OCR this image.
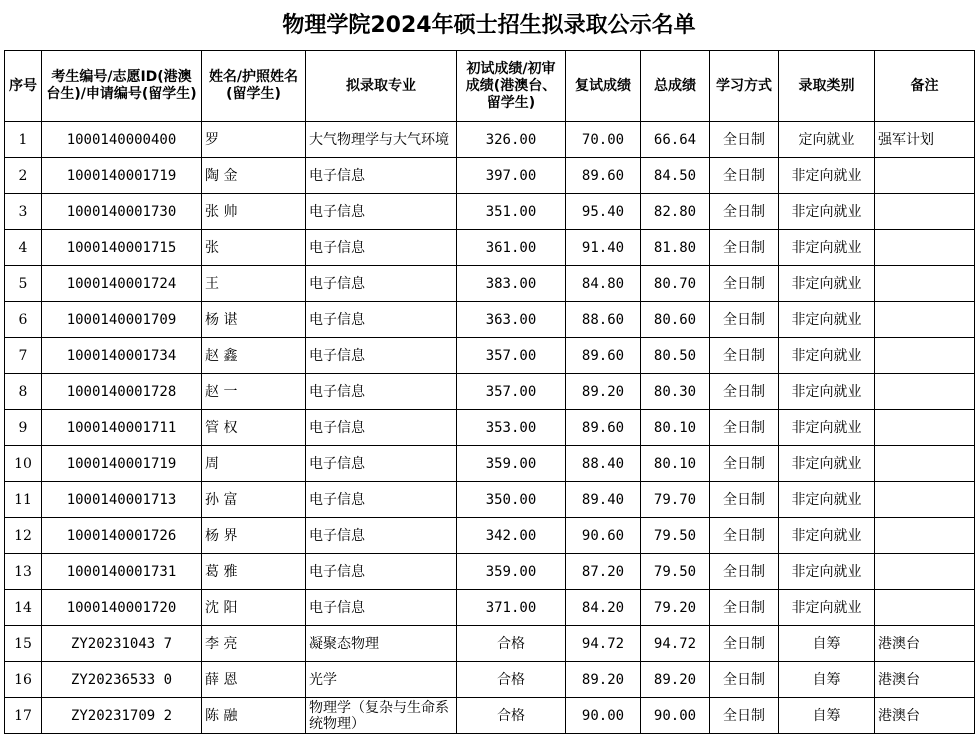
物理学院2024年硕士招生拟录取公示名单
序号	考生编号/志愿ID(港澳台生)/申请编号(留学生)	姓名/护照姓名(留学生)	拟录取专业	初试成绩/初审成绩(港澳台、留学生)	复试成绩	总成绩	学习方式	录取类别	备注
1	1000140000400	罗	大气物理学与大气环境	326.00	70.00	66.64	全日制	定向就业	强军计划
2	1000140001719	陶 金	电子信息	397.00	89.60	84.50	全日制	非定向就业	
3	1000140001730	张 帅	电子信息	351.00	95.40	82.80	全日制	非定向就业	
4	1000140001715	张	电子信息	361.00	91.40	81.80	全日制	非定向就业	
5	1000140001724	王	电子信息	383.00	84.80	80.70	全日制	非定向就业	
6	1000140001709	杨 谌	电子信息	363.00	88.60	80.60	全日制	非定向就业	
7	1000140001734	赵 鑫	电子信息	357.00	89.60	80.50	全日制	非定向就业	
8	1000140001728	赵 一	电子信息	357.00	89.20	80.30	全日制	非定向就业	
9	1000140001711	管 权	电子信息	353.00	89.60	80.10	全日制	非定向就业	
10	1000140001719	周	电子信息	359.00	88.40	80.10	全日制	非定向就业	
11	1000140001713	孙 富	电子信息	350.00	89.40	79.70	全日制	非定向就业	
12	1000140001726	杨 界	电子信息	342.00	90.60	79.50	全日制	非定向就业	
13	1000140001731	葛 雅	电子信息	359.00	87.20	79.50	全日制	非定向就业	
14	1000140001720	沈 阳	电子信息	371.00	84.20	79.20	全日制	非定向就业	
15	ZY20231043 7	李 亮	凝聚态物理	合格	94.72	94.72	全日制	自筹	港澳台
16	ZY20236533 0	薛 恩	光学	合格	89.20	89.20	全日制	自筹	港澳台
17	ZY20231709 2	陈 融	物理学（复杂与生命系统物理）	合格	90.00	90.00	全日制	自筹	港澳台
